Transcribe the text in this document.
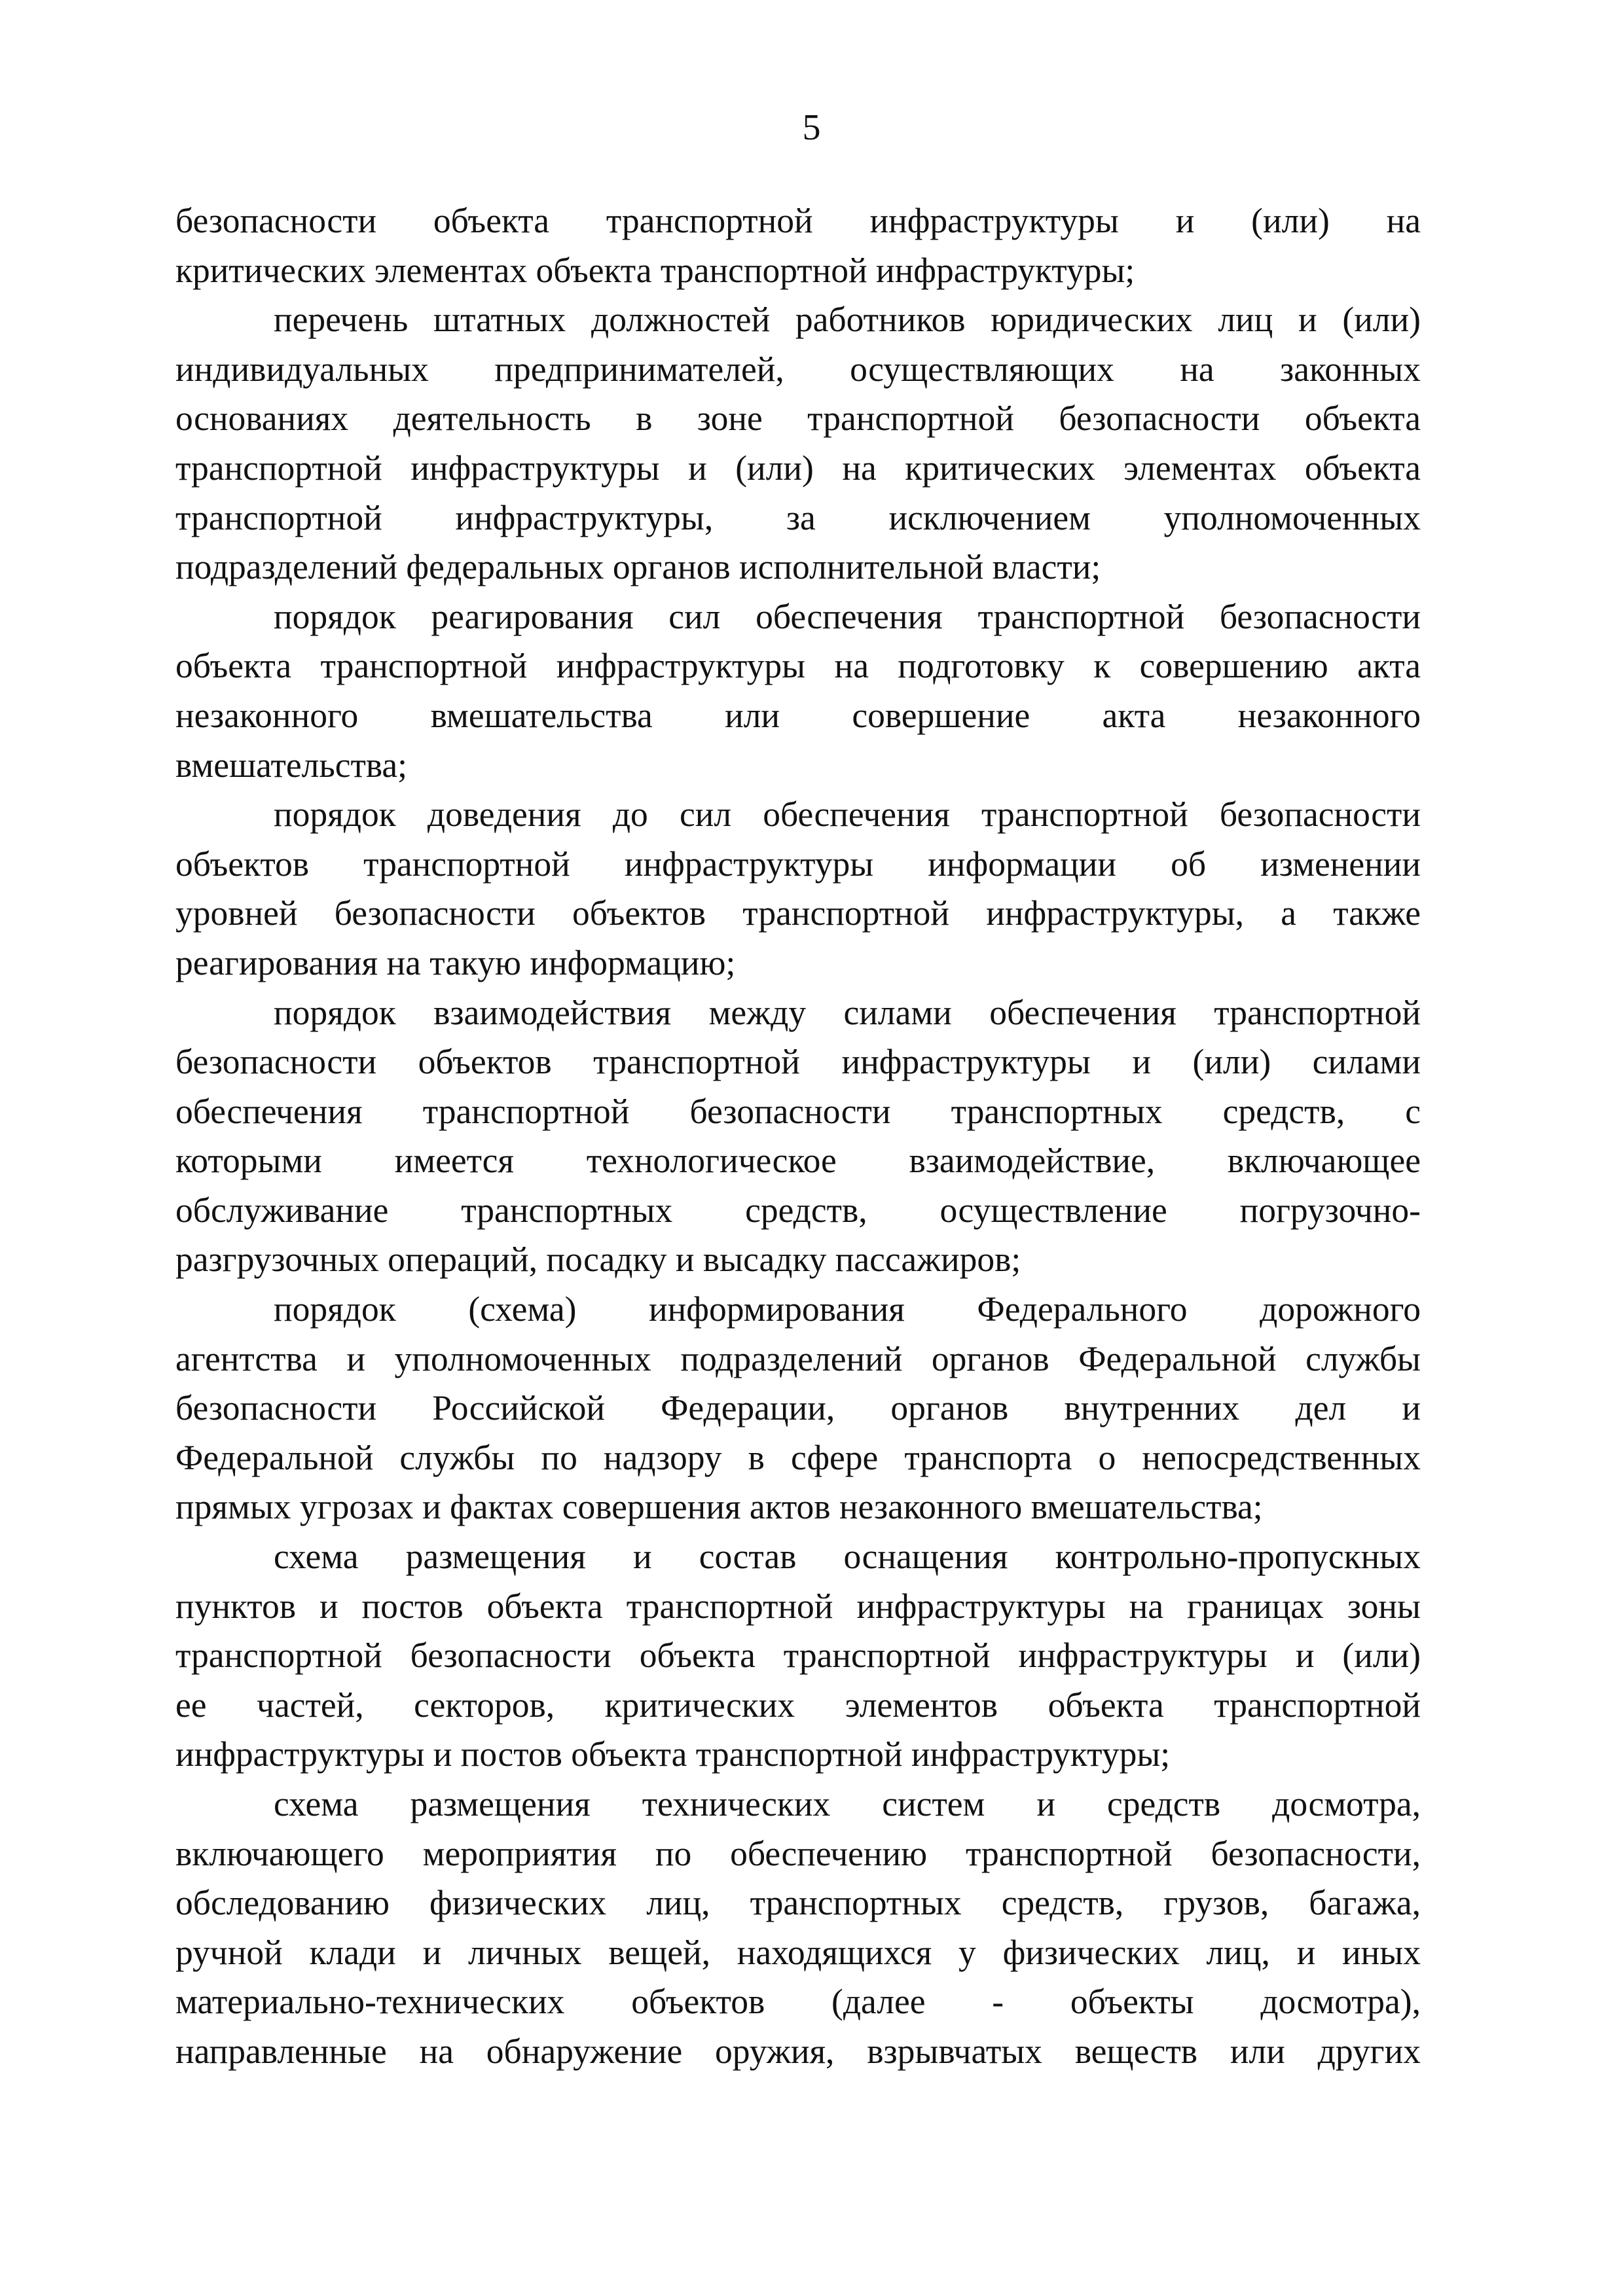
5
безопасности объекта транспортной инфраструктуры и (или) на
критических элементах объекта транспортной инфраструктуры;
перечень штатных должностей работников юридических лиц и (или)
индивидуальных предпринимателей, осуществляющих на законных
основаниях деятельность в зоне транспортной безопасности объекта
транспортной инфраструктуры и (или) на критических элементах объекта
транспортной инфраструктуры, за исключением уполномоченных
подразделений федеральных органов исполнительной власти;
порядок реагирования сил обеспечения транспортной безопасности
объекта транспортной инфраструктуры на подготовку к совершению акта
незаконного вмешательства или совершение акта незаконного
вмешательства;
порядок доведения до сил обеспечения транспортной безопасности
объектов транспортной инфраструктуры информации об изменении
уровней безопасности объектов транспортной инфраструктуры, а также
реагирования на такую информацию;
порядок взаимодействия между силами обеспечения транспортной
безопасности объектов транспортной инфраструктуры и (или) силами
обеспечения транспортной безопасности транспортных средств, с
которыми имеется технологическое взаимодействие, включающее
обслуживание транспортных средств, осуществление погрузочно-
разгрузочных операций, посадку и высадку пассажиров;
порядок (схема) информирования Федерального дорожного
агентства и уполномоченных подразделений органов Федеральной службы
безопасности Российской Федерации, органов внутренних дел и
Федеральной службы по надзору в сфере транспорта о непосредственных
прямых угрозах и фактах совершения актов незаконного вмешательства;
схема размещения и состав оснащения контрольно-пропускных
пунктов и постов объекта транспортной инфраструктуры на границах зоны
транспортной безопасности объекта транспортной инфраструктуры и (или)
ее частей, секторов, критических элементов объекта транспортной
инфраструктуры и постов объекта транспортной инфраструктуры;
схема размещения технических систем и средств досмотра,
включающего мероприятия по обеспечению транспортной безопасности,
обследованию физических лиц, транспортных средств, грузов, багажа,
ручной клади и личных вещей, находящихся у физических лиц, и иных
материально-технических объектов (далее - объекты досмотра),
направленные на обнаружение оружия, взрывчатых веществ или других
